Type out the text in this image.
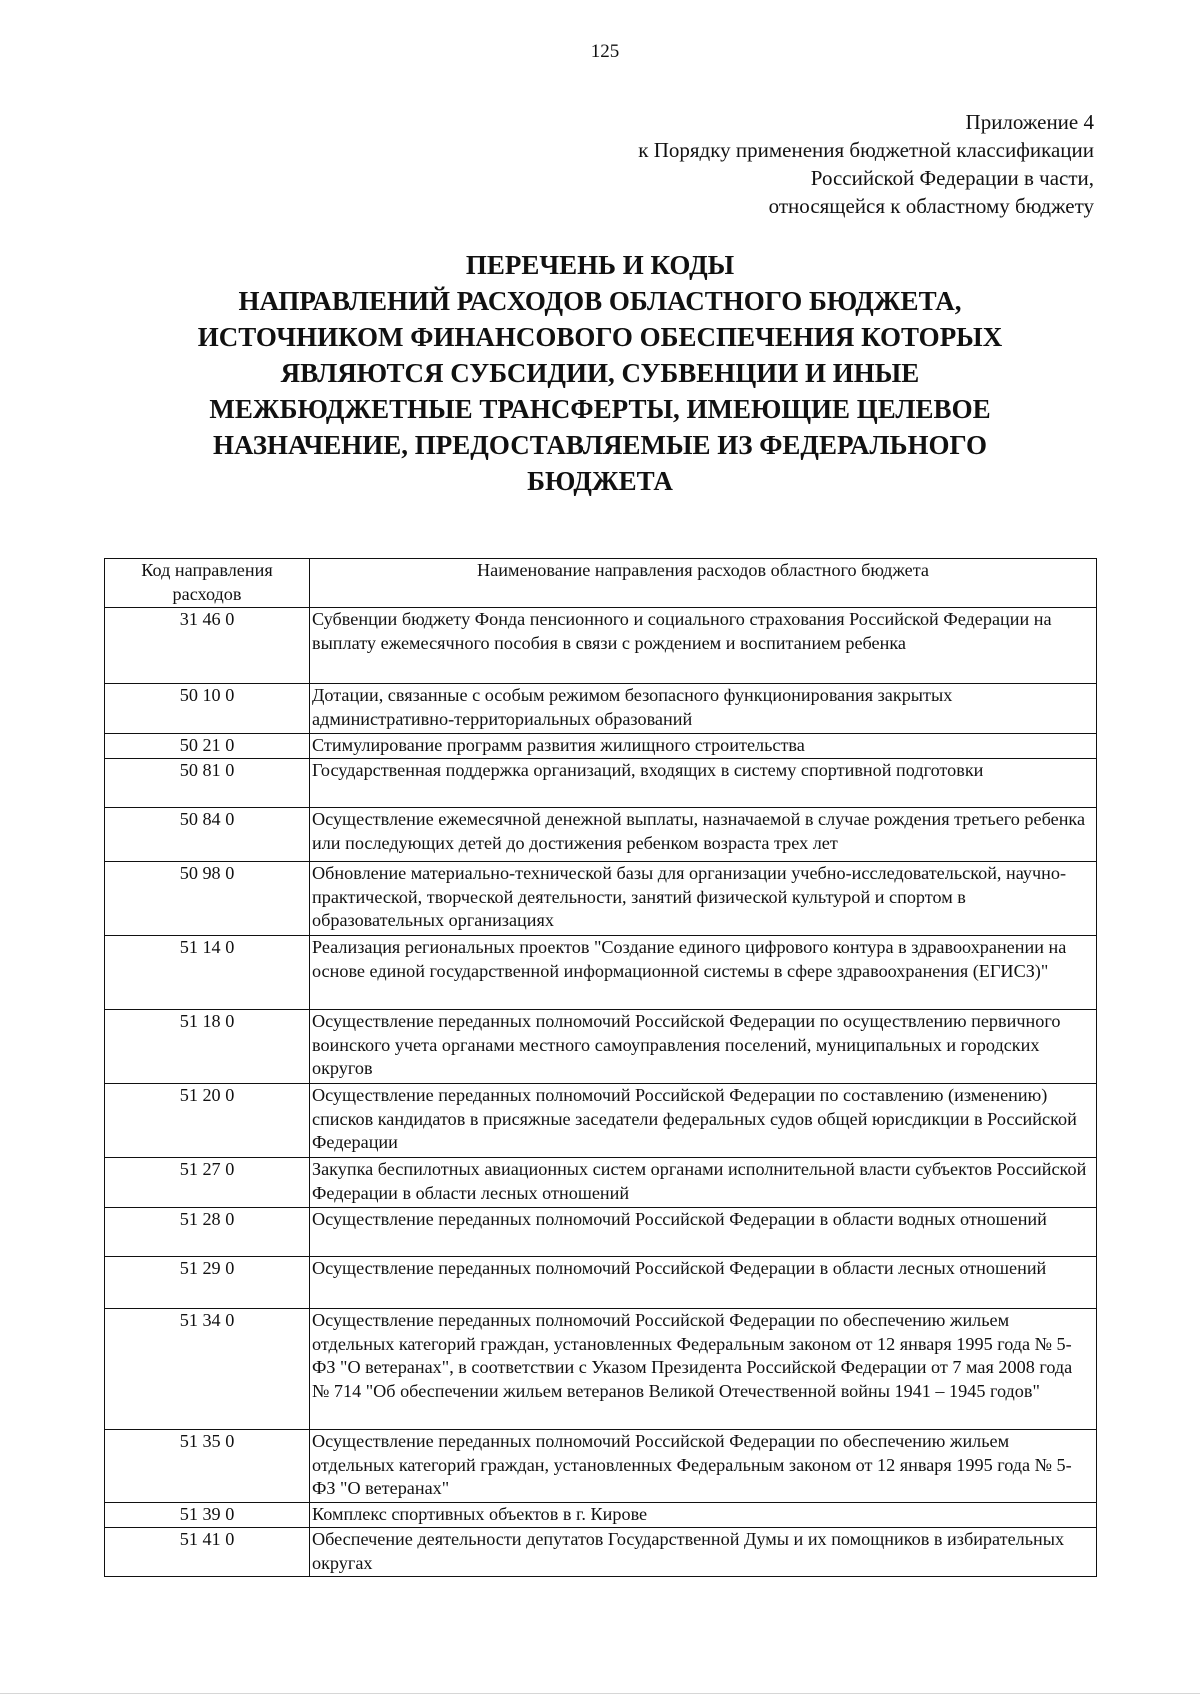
125
Приложение 4
к Порядку применения бюджетной классификации
Российской Федерации в части,
относящейся к областному бюджету
ПЕРЕЧЕНЬ И КОДЫ
НАПРАВЛЕНИЙ РАСХОДОВ ОБЛАСТНОГО БЮДЖЕТА,
ИСТОЧНИКОМ ФИНАНСОВОГО ОБЕСПЕЧЕНИЯ КОТОРЫХ
ЯВЛЯЮТСЯ СУБСИДИИ, СУБВЕНЦИИ И ИНЫЕ
МЕЖБЮДЖЕТНЫЕ ТРАНСФЕРТЫ, ИМЕЮЩИЕ ЦЕЛЕВОЕ
НАЗНАЧЕНИЕ, ПРЕДОСТАВЛЯЕМЫЕ ИЗ ФЕДЕРАЛЬНОГО
БЮДЖЕТА
Код направления расходов	Наименование направления расходов областного бюджета
31 46 0	Субвенции бюджету Фонда пенсионного и социального страхования Российской Федерации на выплату ежемесячного пособия в связи с рождением и воспитанием ребенка
50 10 0	Дотации, связанные с особым режимом безопасного функционирования закрытых административно-территориальных образований
50 21 0	Стимулирование программ развития жилищного строительства
50 81 0	Государственная поддержка организаций, входящих в систему спортивной подготовки
50 84 0	Осуществление ежемесячной денежной выплаты, назначаемой в случае рождения третьего ребенка или последующих детей до достижения ребенком возраста трех лет
50 98 0	Обновление материально-технической базы для организации учебно-исследовательской, научно-практической, творческой деятельности, занятий физической культурой и спортом в образовательных организациях
51 14 0	Реализация региональных проектов "Создание единого цифрового контура в здравоохранении на основе единой государственной информационной системы в сфере здравоохранения (ЕГИСЗ)"
51 18 0	Осуществление переданных полномочий Российской Федерации по осуществлению первичного воинского учета органами местного самоуправления поселений, муниципальных и городских округов
51 20 0	Осуществление переданных полномочий Российской Федерации по составлению (изменению) списков кандидатов в присяжные заседатели федеральных судов общей юрисдикции в Российской Федерации
51 27 0	Закупка беспилотных авиационных систем органами исполнительной власти субъектов Российской Федерации в области лесных отношений
51 28 0	Осуществление переданных полномочий Российской Федерации в области водных отношений
51 29 0	Осуществление переданных полномочий Российской Федерации в области лесных отношений
51 34 0	Осуществление переданных полномочий Российской Федерации по обеспечению жильем отдельных категорий граждан, установленных Федеральным законом от 12 января 1995 года № 5-ФЗ "О ветеранах", в соответствии с Указом Президента Российской Федерации от 7 мая 2008 года № 714 "Об обеспечении жильем ветеранов Великой Отечественной войны 1941 – 1945 годов"
51 35 0	Осуществление переданных полномочий Российской Федерации по обеспечению жильем отдельных категорий граждан, установленных Федеральным законом от 12 января 1995 года № 5-ФЗ "О ветеранах"
51 39 0	Комплекс спортивных объектов в г. Кирове
51 41 0	Обеспечение деятельности депутатов Государственной Думы и их помощников в избирательных округах
